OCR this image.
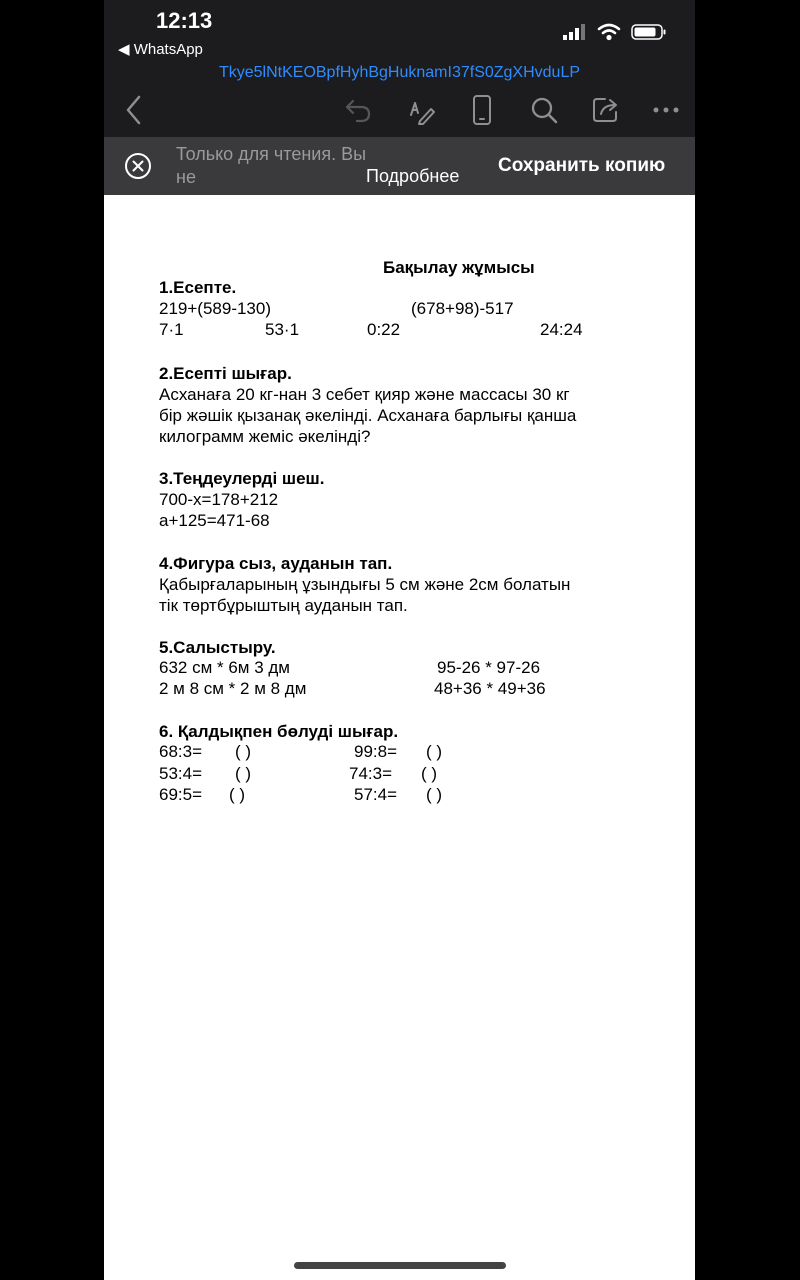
12:13
◀ WhatsApp
Tkye5lNtKEOBpfHyhBgHuknamI37fS0ZgXHvduLP
Только для чтения. Вы не	Подробнее Сохранить копию
Бақылау жұмысы
1.Есепте.
219+(589-130)	(678+98)-517
7·1	53·1	0:22	24:24
2.Есепті шығар.
Асханаға 20 кг-нан 3 себет қияр және массасы 30 кг
бір жәшік қызанақ әкелінді. Асханаға барлығы қанша
килограмм жеміс әкелінді?
3.Теңдеулерді шеш.
700-х=178+212
а+125=471-68
4.Фигура сыз, ауданын тап.
Қабырғаларының ұзындығы 5 см және 2см болатын
тік төртбұрыштың ауданын тап.
5.Салыстыру.
632 см * 6м 3 дм	95-26 * 97-26
2 м 8 см * 2 м 8 дм	48+36 * 49+36
6. Қалдықпен бөлуді шығар.
68:3= ( )	99:8= ( )
53:4= ( )	74:3= ( )
69:5= ( )	57:4= ( )
